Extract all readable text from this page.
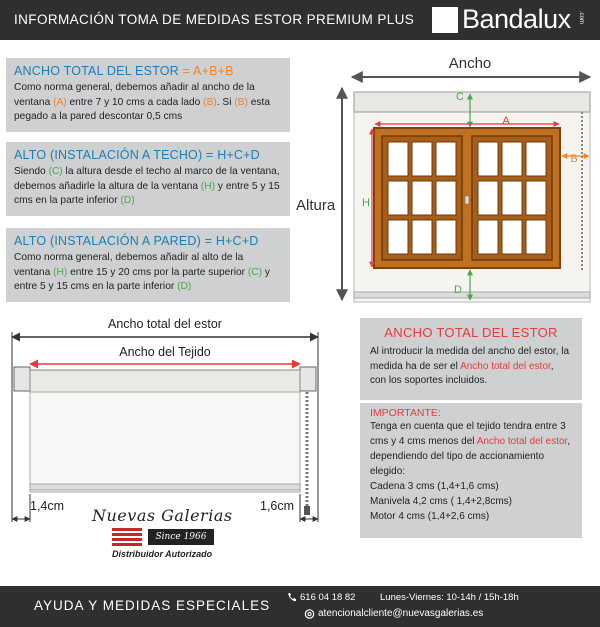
INFORMACIÓN TOMA DE MEDIDAS ESTOR PREMIUM PLUS Bandalux .com
ANCHO TOTAL DEL ESTOR = A+B+B

Como norma general, debemos añadir al ancho de la ventana (A) entre 7 y 10 cms a cada lado (B). Si (B) esta pegado a la pared descontar 0,5 cms

ALTO (INSTALACIÓN A TECHO) = H+C+D

Siendo (C) la altura desde el techo al marco de la ventana, debemos añadirle la altura de la ventana (H) y entre 5 y 15 cms en la parte inferior (D)

ALTO (INSTALACIÓN A PARED) = H+C+D

Como norma general, debemos añadir al alto de la ventana (H) entre 15 y 20 cms por la parte superior (C) y entre 5 y 15 cms en la parte inferior (D)

Ancho
Altura
C
A
B
H
D
Ancho total del estor
Ancho del Tejido
1,4cm	1,6cm
Nuevas Galerias
Since 1966
Distribuidor Autorizado
ANCHO TOTAL DEL ESTOR

Al introducir la medida del ancho del estor, la medida ha de ser el Ancho total del estor, con los soportes incluidos.

IMPORTANTE:

Tenga en cuenta que el tejido tendra entre 3 cms y 4 cms menos del Ancho total del estor, dependiendo del tipo de accionamiento elegido:

Cadena 3 cms (1,4+1,6 cms)

Manivela 4,2 cms ( 1,4+2,8cms)

Motor 4 cms (1,4+2,6 cms)

AYUDA Y MEDIDAS ESPECIALES
616 04 18 82	Lunes-Viernes: 10-14h / 15h-18h
atencionalcliente@nuevasgalerias.es
